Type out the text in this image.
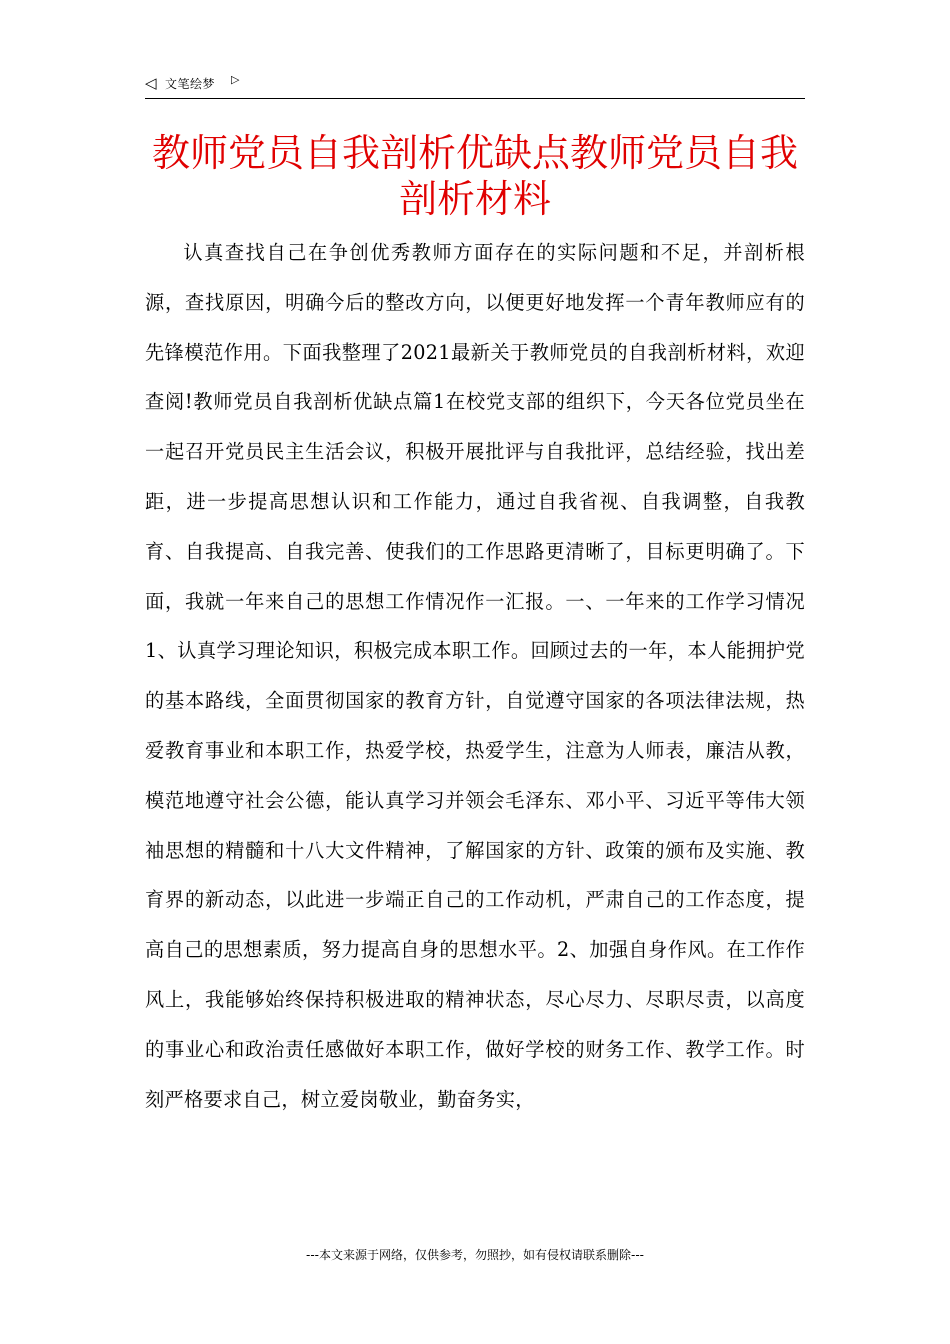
◁ 文笔绘梦 ▷
教师党员自我剖析优缺点教师党员自我剖析材料

认真查找自己在争创优秀教师方面存在的实际问题和不足，并剖析根源，查找原因，明确今后的整改方向，以便更好地发挥一个青年教师应有的先锋模范作用。下面我整理了2021最新关于教师党员的自我剖析材料，欢迎查阅!教师党员自我剖析优缺点篇1在校党支部的组织下，今天各位党员坐在一起召开党员民主生活会议，积极开展批评与自我批评，总结经验，找出差距，进一步提高思想认识和工作能力，通过自我省视、自我调整，自我教育、自我提高、自我完善、使我们的工作思路更清晰了，目标更明确了。下面，我就一年来自己的思想工作情况作一汇报。一、一年来的工作学习情况1、认真学习理论知识，积极完成本职工作。回顾过去的一年，本人能拥护党的基本路线，全面贯彻国家的教育方针，自觉遵守国家的各项法律法规，热爱教育事业和本职工作，热爱学校，热爱学生，注意为人师表，廉洁从教，模范地遵守社会公德，能认真学习并领会毛泽东、邓小平、习近平等伟大领袖思想的精髓和十八大文件精神，了解国家的方针、政策的颁布及实施、教育界的新动态，以此进一步端正自己的工作动机，严肃自己的工作态度，提高自己的思想素质，努力提高自身的思想水平。2、加强自身作风。在工作作风上，我能够始终保持积极进取的精神状态，尽心尽力、尽职尽责，以高度的事业心和政治责任感做好本职工作，做好学校的财务工作、教学工作。时刻严格要求自己，树立爱岗敬业，勤奋务实，

---本文来源于网络，仅供参考，勿照抄，如有侵权请联系删除---
